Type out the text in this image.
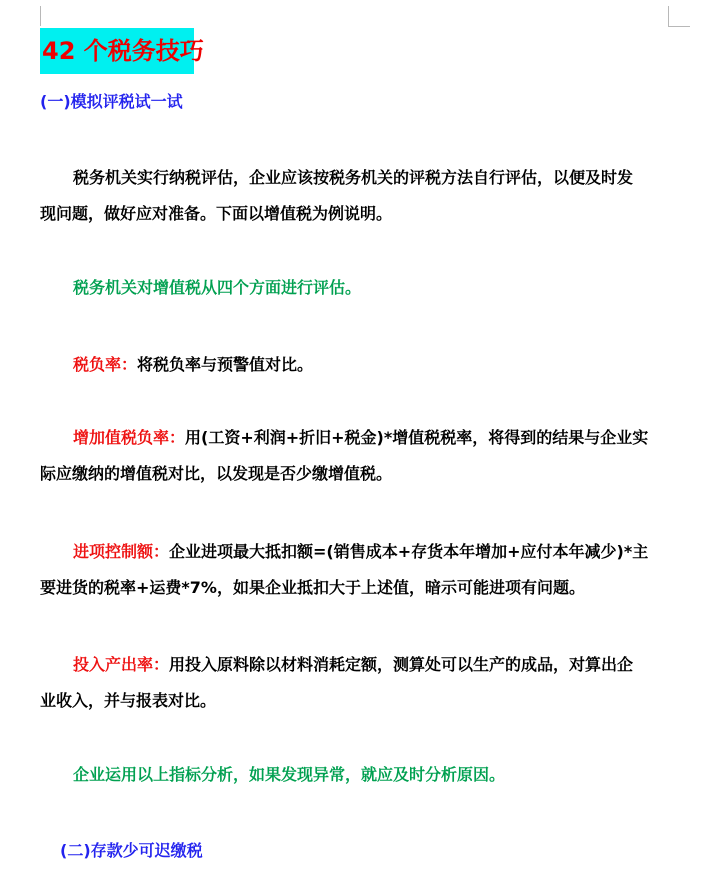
42 个税务技巧
(一)模拟评税试一试
税务机关实行纳税评估，企业应该按税务机关的评税方法自行评估，以便及时发
现问题，做好应对准备。下面以增值税为例说明。
税务机关对增值税从四个方面进行评估。
税负率：将税负率与预警值对比。
增加值税负率：用(工资+利润+折旧+税金)*增值税税率，将得到的结果与企业实
际应缴纳的增值税对比，以发现是否少缴增值税。
进项控制额：企业进项最大抵扣额=(销售成本+存货本年增加+应付本年减少)*主
要进货的税率+运费*7%，如果企业抵扣大于上述值，暗示可能进项有问题。
投入产出率：用投入原料除以材料消耗定额，测算处可以生产的成品，对算出企
业收入，并与报表对比。
企业运用以上指标分析，如果发现异常，就应及时分析原因。
(二)存款少可迟缴税
